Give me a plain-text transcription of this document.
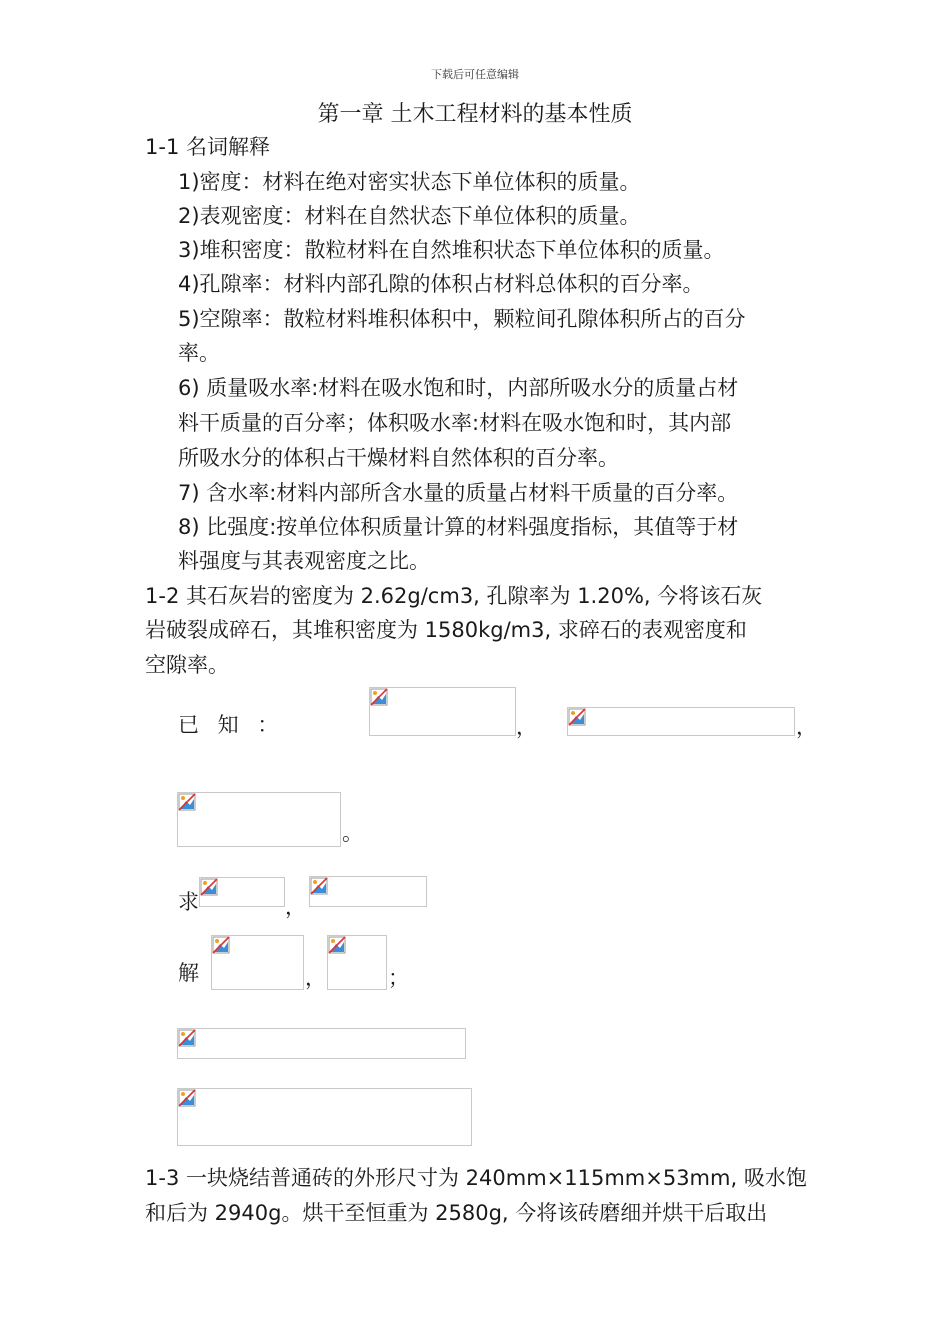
下载后可任意编辑
第一章 土木工程材料的基本性质
1-1 名词解释
1)密度：材料在绝对密实状态下单位体积的质量。
2)表观密度：材料在自然状态下单位体积的质量。
3)堆积密度：散粒材料在自然堆积状态下单位体积的质量。
4)孔隙率：材料内部孔隙的体积占材料总体积的百分率。
5)空隙率：散粒材料堆积体积中，颗粒间孔隙体积所占的百分
率。
6) 质量吸水率:材料在吸水饱和时，内部所吸水分的质量占材
料干质量的百分率；体积吸水率:材料在吸水饱和时，其内部
所吸水分的体积占干燥材料自然体积的百分率。
7) 含水率:材料内部所含水量的质量占材料干质量的百分率。
8) 比强度:按单位体积质量计算的材料强度指标，其值等于材
料强度与其表观密度之比。
1-2 其石灰岩的密度为 2.62g/cm3, 孔隙率为 1.20%, 今将该石灰
岩破裂成碎石，其堆积密度为 1580kg/m3, 求碎石的表观密度和
空隙率。
已 知 ：	，	，
。
求	，
解	，	；
1-3 一块烧结普通砖的外形尺寸为 240mm×115mm×53mm, 吸水饱
和后为 2940g。烘干至恒重为 2580g, 今将该砖磨细并烘干后取出
